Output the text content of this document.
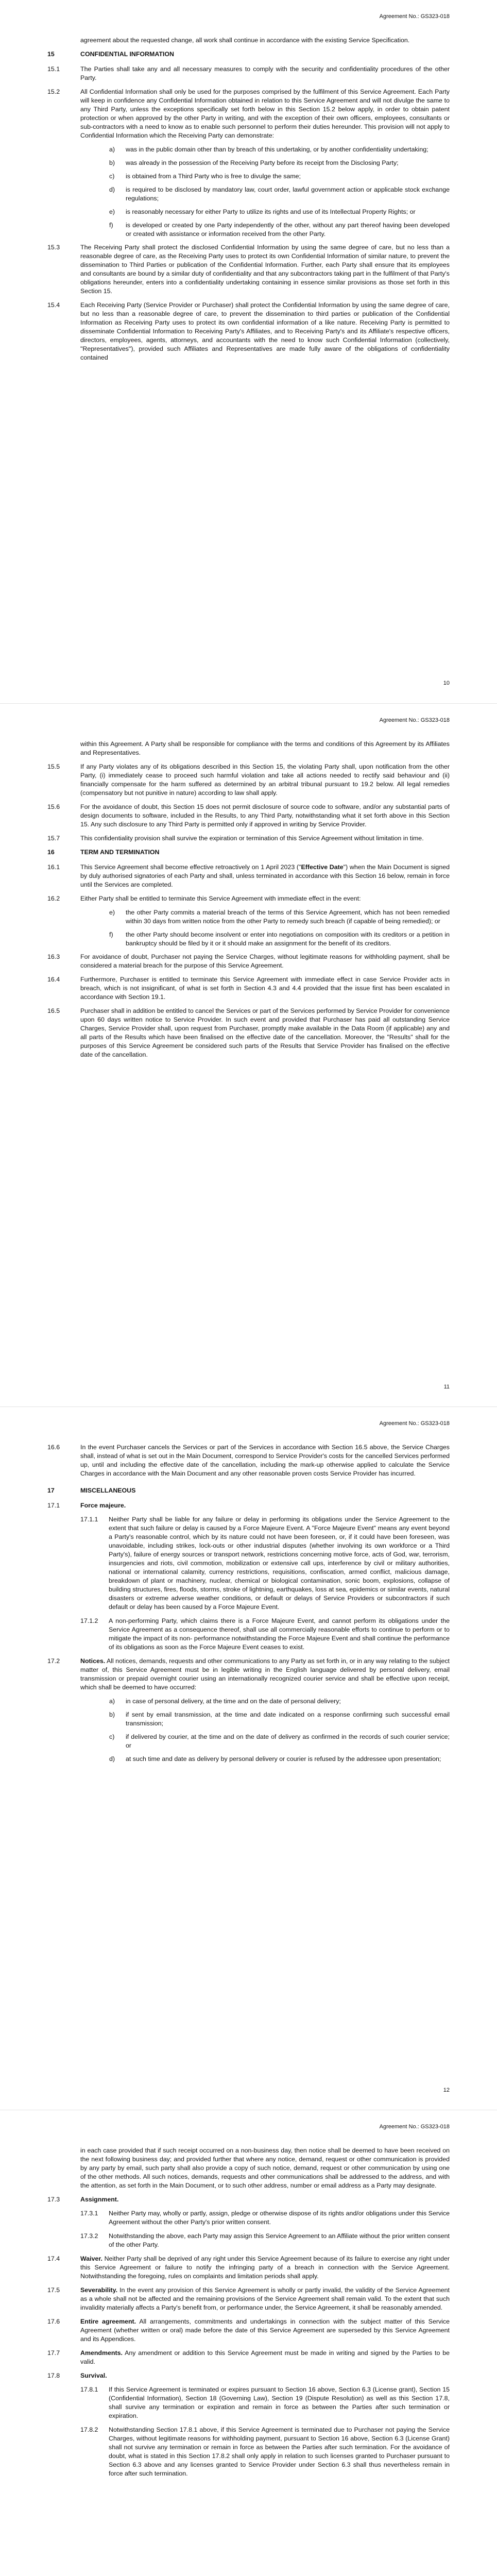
Agreement No.: GS323-018
agreement about the requested change, all work shall continue in accordance with the existing Service Specification.
15	CONFIDENTIAL INFORMATION
15.1	The Parties shall take any and all necessary measures to comply with the security and confidentiality procedures of the other Party.
15.2	All Confidential Information shall only be used for the purposes comprised by the fulfilment of this Service Agreement. Each Party will keep in confidence any Confidential Information obtained in relation to this Service Agreement and will not divulge the same to any Third Party, unless the exceptions specifically set forth below in this Section 15.2 below apply, in order to obtain patent protection or when approved by the other Party in writing, and with the exception of their own officers, employees, consultants or sub-contractors with a need to know as to enable such personnel to perform their duties hereunder. This provision will not apply to Confidential Information which the Receiving Party can demonstrate:
a)	was in the public domain other than by breach of this undertaking, or by another confidentiality undertaking;
b)	was already in the possession of the Receiving Party before its receipt from the Disclosing Party;
c)	is obtained from a Third Party who is free to divulge the same;
d)	is required to be disclosed by mandatory law, court order, lawful government action or applicable stock exchange regulations;
e)	is reasonably necessary for either Party to utilize its rights and use of its Intellectual Property Rights; or
f)	is developed or created by one Party independently of the other, without any part thereof having been developed or created with assistance or information received from the other Party.
15.3	The Receiving Party shall protect the disclosed Confidential Information by using the same degree of care, but no less than a reasonable degree of care, as the Receiving Party uses to protect its own Confidential Information of similar nature, to prevent the dissemination to Third Parties or publication of the Confidential Information. Further, each Party shall ensure that its employees and consultants are bound by a similar duty of confidentiality and that any subcontractors taking part in the fulfilment of that Party's obligations hereunder, enters into a confidentiality undertaking containing in essence similar provisions as those set forth in this Section 15.
15.4	Each Receiving Party (Service Provider or Purchaser) shall protect the Confidential Information by using the same degree of care, but no less than a reasonable degree of care, to prevent the dissemination to third parties or publication of the Confidential Information as Receiving Party uses to protect its own confidential information of a like nature. Receiving Party is permitted to disseminate Confidential Information to Receiving Party's Affiliates, and to Receiving Party's and its Affiliate's respective officers, directors, employees, agents, attorneys, and accountants with the need to know such Confidential Information (collectively, "Representatives"), provided such Affiliates and Representatives are made fully aware of the obligations of confidentiality contained
10
Agreement No.: GS323-018
within this Agreement. A Party shall be responsible for compliance with the terms and conditions of this Agreement by its Affiliates and Representatives.
15.5	If any Party violates any of its obligations described in this Section 15, the violating Party shall, upon notification from the other Party, (i) immediately cease to proceed such harmful violation and take all actions needed to rectify said behaviour and (ii) financially compensate for the harm suffered as determined by an arbitral tribunal pursuant to 19.2 below. All legal remedies (compensatory but not punitive in nature) according to law shall apply.
15.6	For the avoidance of doubt, this Section 15 does not permit disclosure of source code to software, and/or any substantial parts of design documents to software, included in the Results, to any Third Party, notwithstanding what it set forth above in this Section 15. Any such disclosure to any Third Party is permitted only if approved in writing by Service Provider.
15.7	This confidentiality provision shall survive the expiration or termination of this Service Agreement without limitation in time.
16	TERM AND TERMINATION
16.1	This Service Agreement shall become effective retroactively on 1 April 2023 ("Effective Date") when the Main Document is signed by duly authorised signatories of each Party and shall, unless terminated in accordance with this Section 16 below, remain in force until the Services are completed.
16.2	Either Party shall be entitled to terminate this Service Agreement with immediate effect in the event:
e)	the other Party commits a material breach of the terms of this Service Agreement, which has not been remedied within 30 days from written notice from the other Party to remedy such breach (if capable of being remedied); or
f)	the other Party should become insolvent or enter into negotiations on composition with its creditors or a petition in bankruptcy should be filed by it or it should make an assignment for the benefit of its creditors.
16.3	For avoidance of doubt, Purchaser not paying the Service Charges, without legitimate reasons for withholding payment, shall be considered a material breach for the purpose of this Service Agreement.
16.4	Furthermore, Purchaser is entitled to terminate this Service Agreement with immediate effect in case Service Provider acts in breach, which is not insignificant, of what is set forth in Section 4.3 and 4.4 provided that the issue first has been escalated in accordance with Section 19.1.
16.5	Purchaser shall in addition be entitled to cancel the Services or part of the Services performed by Service Provider for convenience upon 60 days written notice to Service Provider. In such event and provided that Purchaser has paid all outstanding Service Charges, Service Provider shall, upon request from Purchaser, promptly make available in the Data Room (if applicable) any and all parts of the Results which have been finalised on the effective date of the cancellation. Moreover, the "Results" shall for the purposes of this Service Agreement be considered such parts of the Results that Service Provider has finalised on the effective date of the cancellation.
11
Agreement No.: GS323-018
16.6	In the event Purchaser cancels the Services or part of the Services in accordance with Section 16.5 above, the Service Charges shall, instead of what is set out in the Main Document, correspond to Service Provider's costs for the cancelled Services performed up, until and including the effective date of the cancellation, including the mark-up otherwise applied to calculate the Service Charges in accordance with the Main Document and any other reasonable proven costs Service Provider has incurred.
17	MISCELLANEOUS
17.1	Force majeure.
17.1.1	Neither Party shall be liable for any failure or delay in performing its obligations under the Service Agreement to the extent that such failure or delay is caused by a Force Majeure Event. A "Force Majeure Event" means any event beyond a Party's reasonable control, which by its nature could not have been foreseen, or, if it could have been foreseen, was unavoidable, including strikes, lock-outs or other industrial disputes (whether involving its own workforce or a Third Party's), failure of energy sources or transport network, restrictions concerning motive force, acts of God, war, terrorism, insurgencies and riots, civil commotion, mobilization or extensive call ups, interference by civil or military authorities, national or international calamity, currency restrictions, requisitions, confiscation, armed conflict, malicious damage, breakdown of plant or machinery, nuclear, chemical or biological contamination, sonic boom, explosions, collapse of building structures, fires, floods, storms, stroke of lightning, earthquakes, loss at sea, epidemics or similar events, natural disasters or extreme adverse weather conditions, or default or delays of Service Providers or subcontractors if such default or delay has been caused by a Force Majeure Event.
17.1.2	A non-performing Party, which claims there is a Force Majeure Event, and cannot perform its obligations under the Service Agreement as a consequence thereof, shall use all commercially reasonable efforts to continue to perform or to mitigate the impact of its non- performance notwithstanding the Force Majeure Event and shall continue the performance of its obligations as soon as the Force Majeure Event ceases to exist.
17.2	Notices. All notices, demands, requests and other communications to any Party as set forth in, or in any way relating to the subject matter of, this Service Agreement must be in legible writing in the English language delivered by personal delivery, email transmission or prepaid overnight courier using an internationally recognized courier service and shall be effective upon receipt, which shall be deemed to have occurred:
a)	in case of personal delivery, at the time and on the date of personal delivery;
b)	if sent by email transmission, at the time and date indicated on a response confirming such successful email transmission;
c)	if delivered by courier, at the time and on the date of delivery as confirmed in the records of such courier service; or
d)	at such time and date as delivery by personal delivery or courier is refused by the addressee upon presentation;
12
Agreement No.: GS323-018
in each case provided that if such receipt occurred on a non-business day, then notice shall be deemed to have been received on the next following business day; and provided further that where any notice, demand, request or other communication is provided by any party by email, such party shall also provide a copy of such notice, demand, request or other communication by using one of the other methods. All such notices, demands, requests and other communications shall be addressed to the address, and with the attention, as set forth in the Main Document, or to such other address, number or email address as a Party may designate.
17.3	Assignment.
17.3.1	Neither Party may, wholly or partly, assign, pledge or otherwise dispose of its rights and/or obligations under this Service Agreement without the other Party's prior written consent.
17.3.2	Notwithstanding the above, each Party may assign this Service Agreement to an Affiliate without the prior written consent of the other Party.
17.4	Waiver. Neither Party shall be deprived of any right under this Service Agreement because of its failure to exercise any right under this Service Agreement or failure to notify the infringing party of a breach in connection with the Service Agreement. Notwithstanding the foregoing, rules on complaints and limitation periods shall apply.
17.5	Severability. In the event any provision of this Service Agreement is wholly or partly invalid, the validity of the Service Agreement as a whole shall not be affected and the remaining provisions of the Service Agreement shall remain valid. To the extent that such invalidity materially affects a Party's benefit from, or performance under, the Service Agreement, it shall be reasonably amended.
17.6	Entire agreement. All arrangements, commitments and undertakings in connection with the subject matter of this Service Agreement (whether written or oral) made before the date of this Service Agreement are superseded by this Service Agreement and its Appendices.
17.7	Amendments. Any amendment or addition to this Service Agreement must be made in writing and signed by the Parties to be valid.
17.8	Survival.
17.8.1	If this Service Agreement is terminated or expires pursuant to Section 16 above, Section 6.3 (License grant), Section 15 (Confidential Information), Section 18 (Governing Law), Section 19 (Dispute Resolution) as well as this Section 17.8, shall survive any termination or expiration and remain in force as between the Parties after such termination or expiration.
17.8.2	Notwithstanding Section 17.8.1 above, if this Service Agreement is terminated due to Purchaser not paying the Service Charges, without legitimate reasons for withholding payment, pursuant to Section 16 above, Section 6.3 (License Grant) shall not survive any termination or remain in force as between the Parties after such termination. For the avoidance of doubt, what is stated in this Section 17.8.2 shall only apply in relation to such licenses granted to Purchaser pursuant to Section 6.3 above and any licenses granted to Service Provider under Section 6.3 shall thus nevertheless remain in force after such termination.
